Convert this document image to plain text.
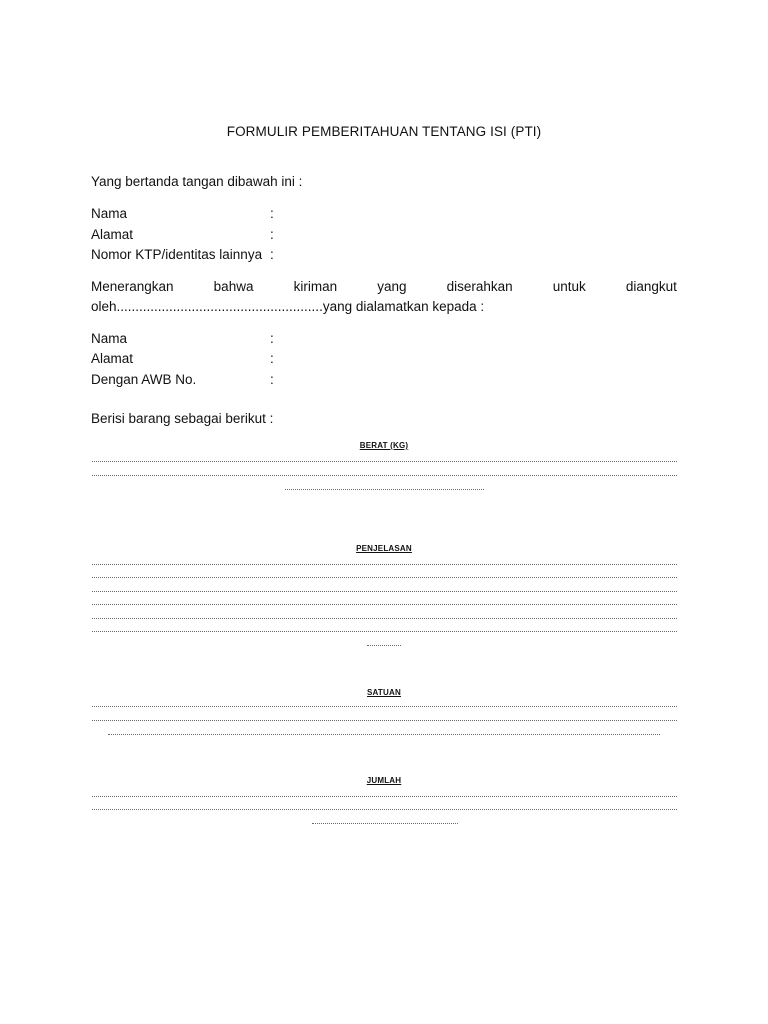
FORMULIR PEMBERITAHUAN TENTANG ISI (PTI)
Yang bertanda tangan dibawah ini :
Nama	:
Alamat	:
Nomor KTP/identitas lainnya :
Menerangkan	bahwa	kiriman	yang	diserahkan	untuk	diangkut
oleh.......................................................yang dialamatkan kepada :
Nama	:
Alamat	:
Dengan AWB No.	:
Berisi barang sebagai berikut :
BERAT (KG)
PENJELASAN
SATUAN
JUMLAH
